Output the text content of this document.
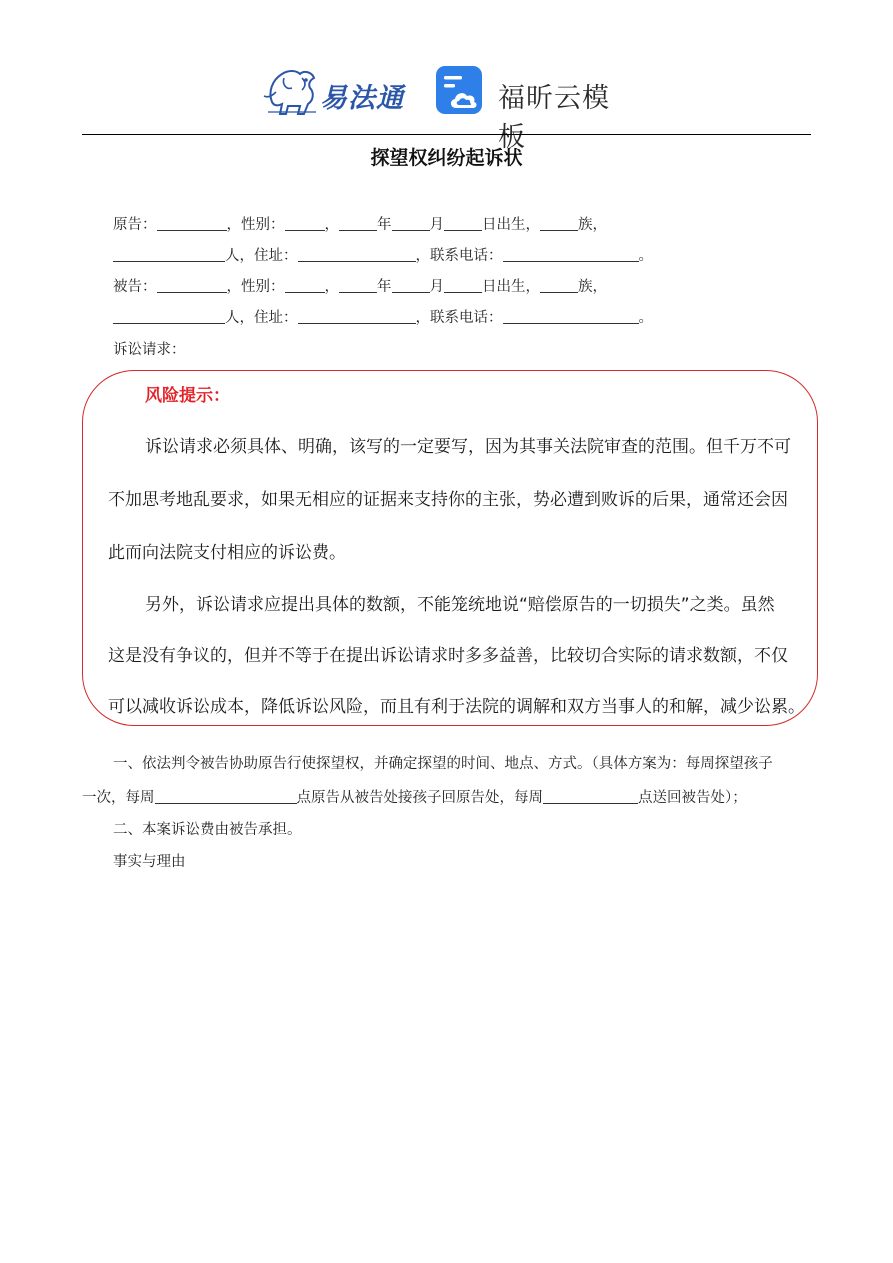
易法通	福昕云模板
探望权纠纷起诉状
原告：	，性别：	，	年	月	日出生，	族，
人，住址：	，联系电话：	。
被告：	，性别：	，	年	月	日出生，	族，
人，住址：	，联系电话：	。
诉讼请求：
风险提示：
诉讼请求必须具体、明确，该写的一定要写，因为其事关法院审查的范围。但千万不可
不加思考地乱要求，如果无相应的证据来支持你的主张，势必遭到败诉的后果，通常还会因
此而向法院支付相应的诉讼费。
另外，诉讼请求应提出具体的数额，不能笼统地说“赔偿原告的一切损失”之类。虽然
这是没有争议的，但并不等于在提出诉讼请求时多多益善，比较切合实际的请求数额，不仅
可以减收诉讼成本，降低诉讼风险，而且有利于法院的调解和双方当事人的和解，减少讼累。
一、依法判令被告协助原告行使探望权，并确定探望的时间、地点、方式。（具体方案为：每周探望孩子
一次，每周	点原告从被告处接孩子回原告处，每周	点送回被告处）；
二、本案诉讼费由被告承担。
事实与理由
